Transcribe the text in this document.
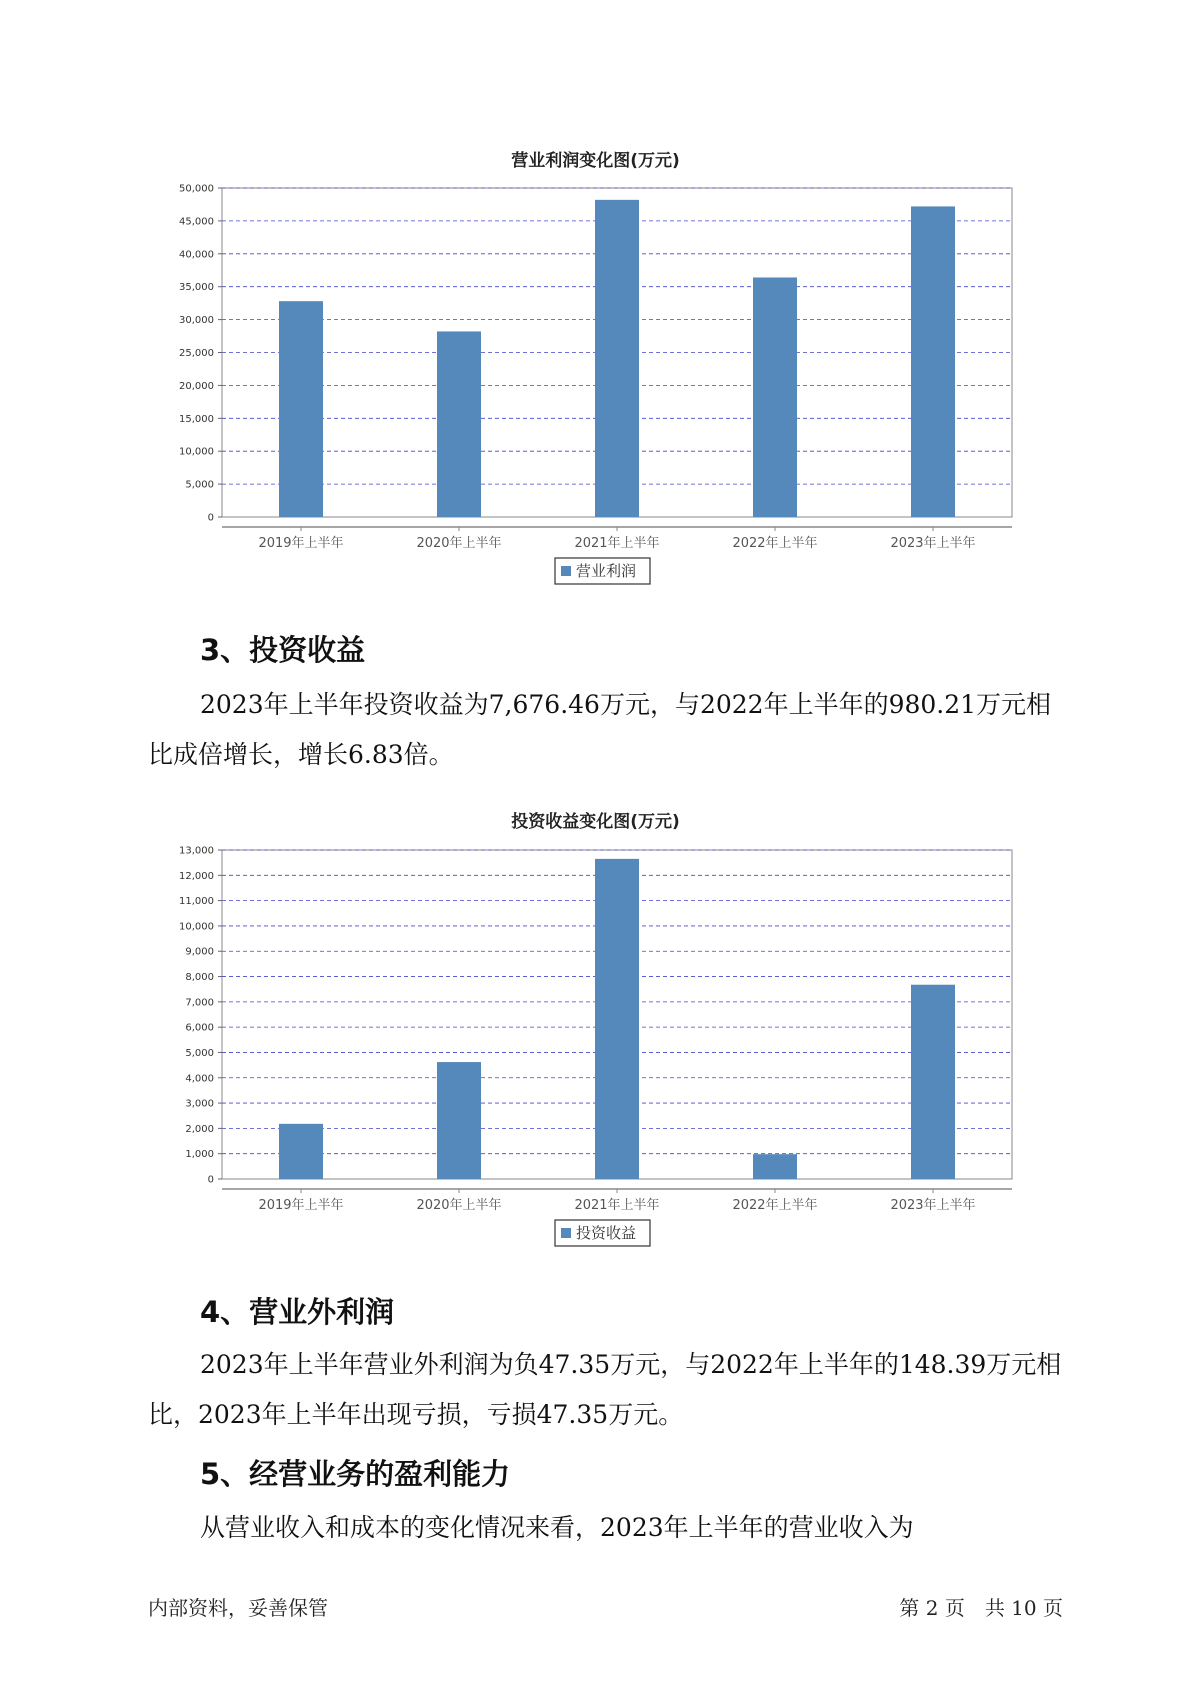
营业利润变化图(万元)
0
5,000
10,000
15,000
20,000
25,000
30,000
35,000
40,000
45,000
50,000
2019年上半年	2020年上半年	2021年上半年	2022年上半年	2023年上半年
营业利润
3、投资收益

2023年上半年投资收益为7,676.46万元，与2022年上半年的980.21万元相比成倍增长，增长6.83倍。

投资收益变化图(万元)
0
1,000
2,000
3,000
4,000
5,000
6,000
7,000
8,000
9,000
10,000
11,000
12,000
13,000
2019年上半年	2020年上半年	2021年上半年	2022年上半年	2023年上半年
投资收益
4、营业外利润

2023年上半年营业外利润为负47.35万元，与2022年上半年的148.39万元相比，2023年上半年出现亏损，亏损47.35万元。

5、经营业务的盈利能力

从营业收入和成本的变化情况来看，2023年上半年的营业收入为

内部资料，妥善保管	第 2 页　共 10 页
